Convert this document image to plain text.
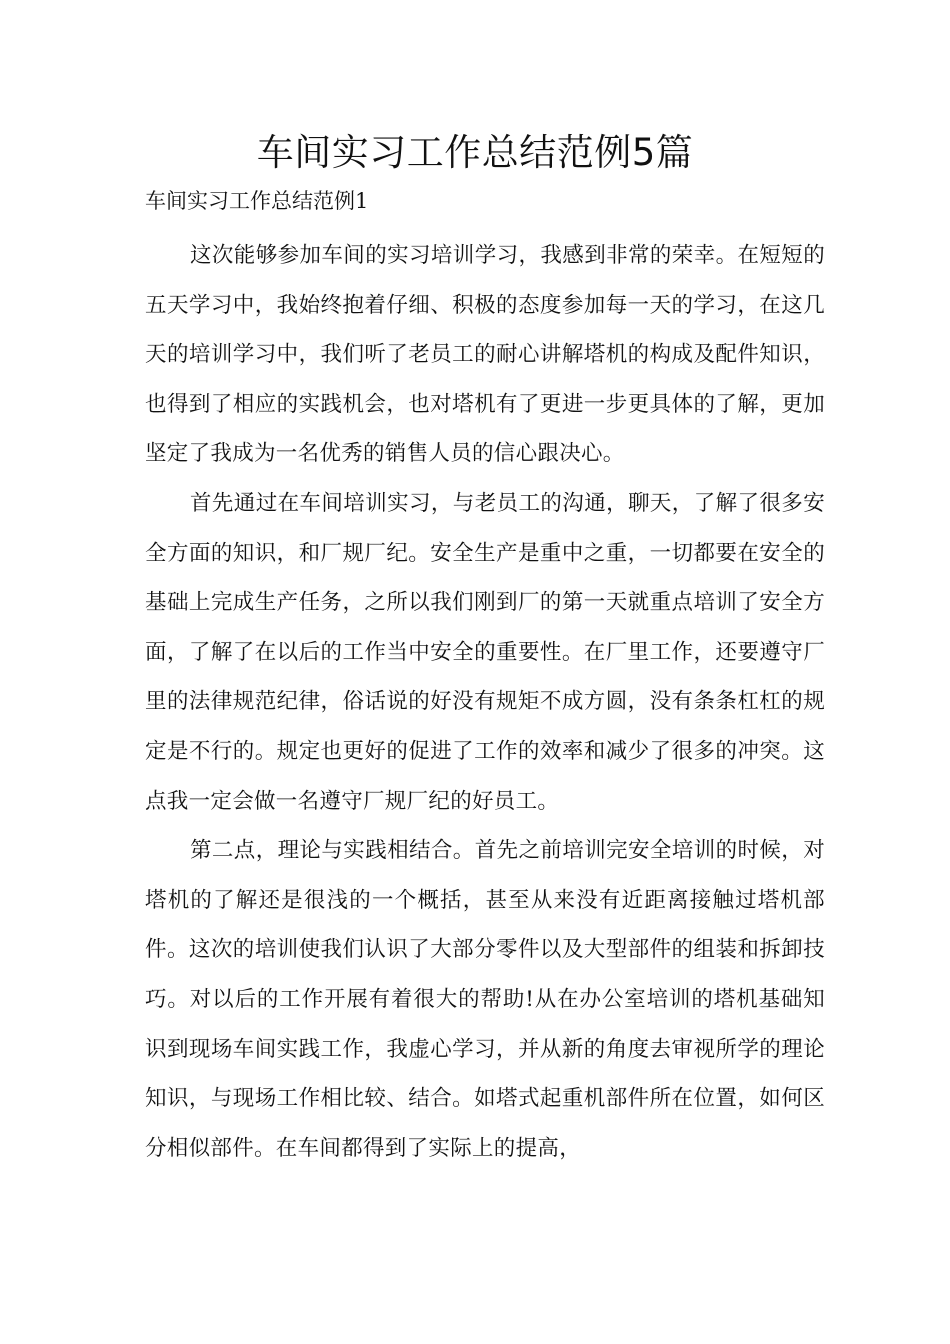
车间实习工作总结范例5篇
车间实习工作总结范例1

这次能够参加车间的实习培训学习，我感到非常的荣幸。在短短的五天学习中，我始终抱着仔细、积极的态度参加每一天的学习，在这几天的培训学习中，我们听了老员工的耐心讲解塔机的构成及配件知识，也得到了相应的实践机会，也对塔机有了更进一步更具体的了解，更加坚定了我成为一名优秀的销售人员的信心跟决心。

首先通过在车间培训实习，与老员工的沟通，聊天，了解了很多安全方面的知识，和厂规厂纪。安全生产是重中之重，一切都要在安全的基础上完成生产任务，之所以我们刚到厂的第一天就重点培训了安全方面，了解了在以后的工作当中安全的重要性。在厂里工作，还要遵守厂里的法律规范纪律，俗话说的好没有规矩不成方圆，没有条条杠杠的规定是不行的。规定也更好的促进了工作的效率和减少了很多的冲突。这点我一定会做一名遵守厂规厂纪的好员工。

第二点，理论与实践相结合。首先之前培训完安全培训的时候，对塔机的了解还是很浅的一个概括，甚至从来没有近距离接触过塔机部件。这次的培训使我们认识了大部分零件以及大型部件的组装和拆卸技巧。对以后的工作开展有着很大的帮助!从在办公室培训的塔机基础知识到现场车间实践工作，我虚心学习，并从新的角度去审视所学的理论知识，与现场工作相比较、结合。如塔式起重机部件所在位置，如何区分相似部件。在车间都得到了实际上的提高，
